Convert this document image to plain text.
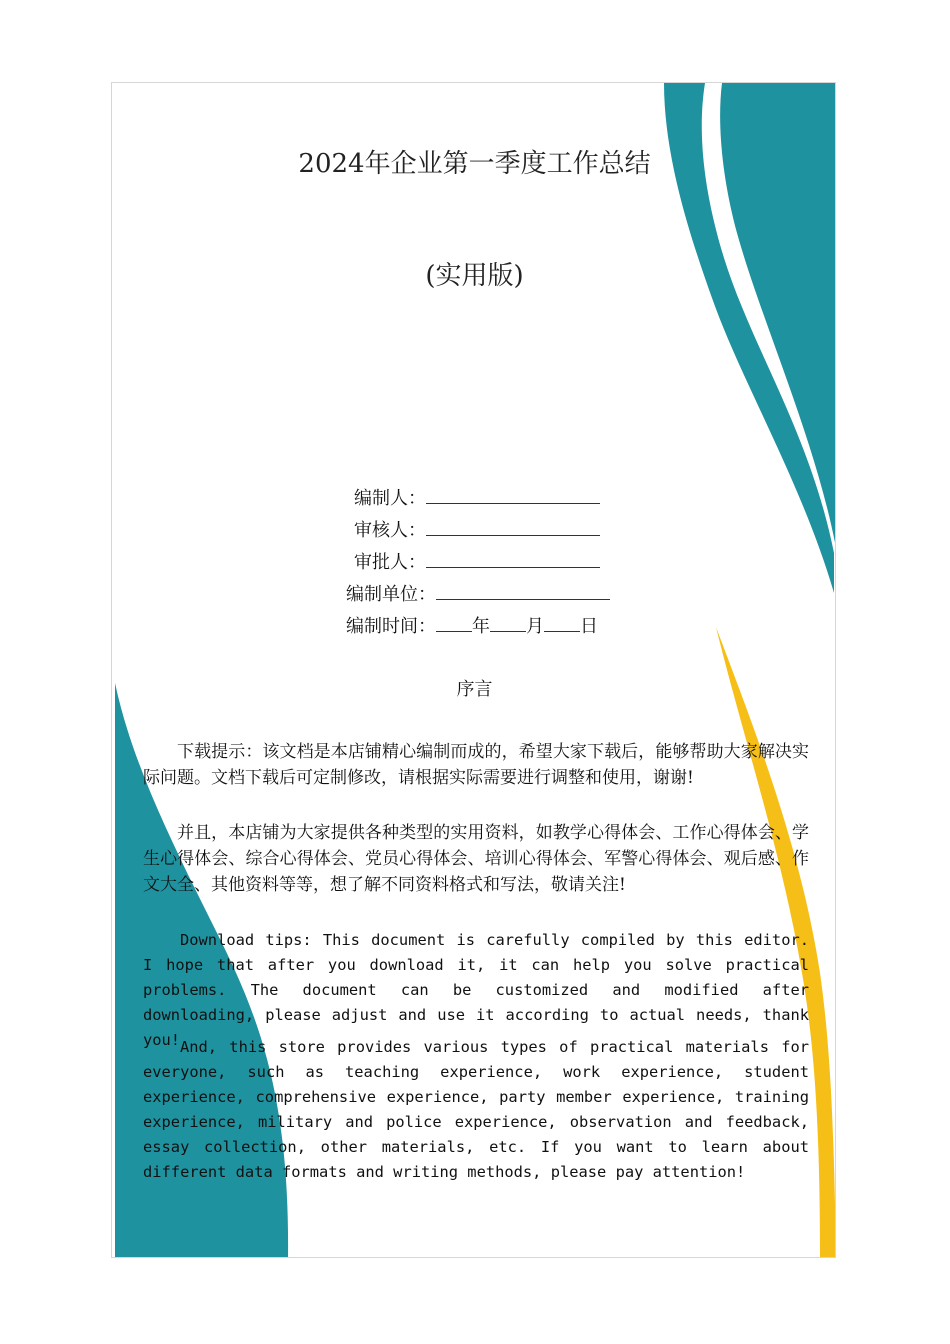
2024年企业第一季度工作总结
(实用版)
编制人：
审核人：
审批人：
编制单位：
编制时间： 年 月 日
序言

下载提示：该文档是本店铺精心编制而成的，希望大家下载后，能够帮助大家解决实际问题。文档下载后可定制修改，请根据实际需要进行调整和使用，谢谢!

并且，本店铺为大家提供各种类型的实用资料，如教学心得体会、工作心得体会、学生心得体会、综合心得体会、党员心得体会、培训心得体会、军警心得体会、观后感、作文大全、其他资料等等，想了解不同资料格式和写法，敬请关注!

Download tips: This document is carefully compiled by this editor. I hope that after you download it, it can help you solve practical problems. The document can be customized and modified after downloading, please adjust and use it according to actual needs, thank you! And, this store provides various types of practical materials for everyone, such as teaching experience, work experience, student experience, comprehensive experience, party member experience, training experience, military and police experience, observation and feedback, essay collection, other materials, etc. If you want to learn about different data formats and writing methods, please pay attention!
